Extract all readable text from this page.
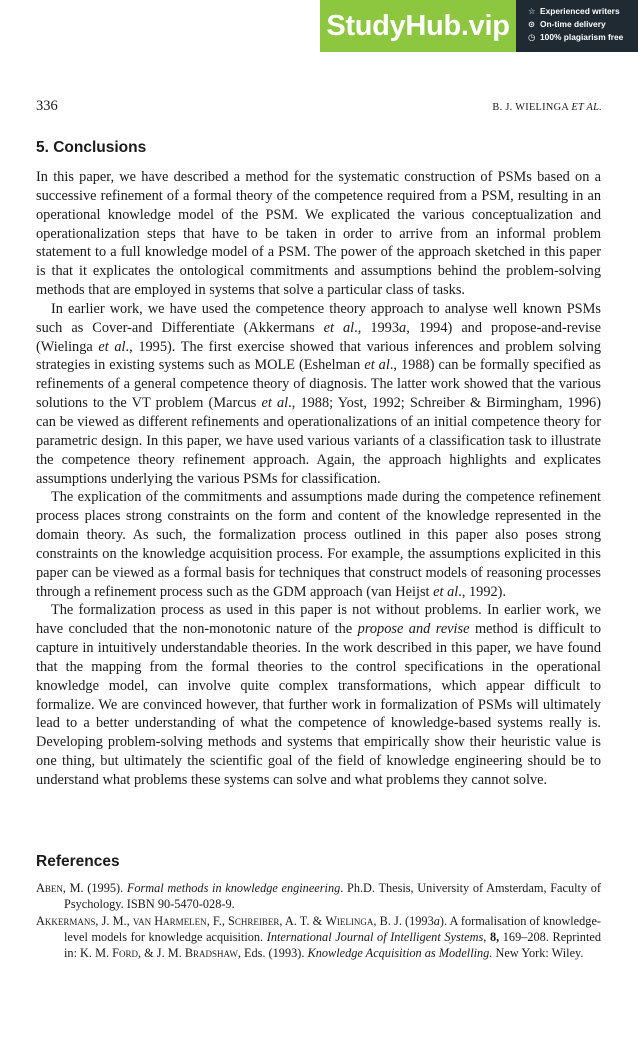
StudyHub.vip	☆ Experienced writers
⊙ On-time delivery
◷ 100% plagiarism free
336	B. J. WIELINGA ET AL.
5. Conclusions

In this paper, we have described a method for the systematic construction of PSMs based on a successive refinement of a formal theory of the competence required from a PSM, resulting in an operational knowledge model of the PSM. We explicated the various conceptualization and operationalization steps that have to be taken in order to arrive from an informal problem statement to a full knowledge model of a PSM. The power of the approach sketched in this paper is that it explicates the ontological commitments and assumptions behind the problem-solving methods that are employed in systems that solve a particular class of tasks.

In earlier work, we have used the competence theory approach to analyse well known PSMs such as Cover-and Differentiate (Akkermans et al., 1993a, 1994) and propose-and-revise (Wielinga et al., 1995). The first exercise showed that various inferences and problem solving strategies in existing systems such as MOLE (Eshelman et al., 1988) can be formally specified as refinements of a general competence theory of diagnosis. The latter work showed that the various solutions to the VT problem (Marcus et al., 1988; Yost, 1992; Schreiber & Birmingham, 1996) can be viewed as different refinements and operationalizations of an initial competence theory for parametric design. In this paper, we have used various variants of a classification task to illustrate the competence theory refinement approach. Again, the approach highlights and explicates assumptions underlying the various PSMs for classification.

The explication of the commitments and assumptions made during the competence refinement process places strong constraints on the form and content of the knowledge represented in the domain theory. As such, the formalization process outlined in this paper also poses strong constraints on the knowledge acquisition process. For example, the assumptions explicited in this paper can be viewed as a formal basis for techniques that construct models of reasoning processes through a refinement process such as the GDM approach (van Heijst et al., 1992).

The formalization process as used in this paper is not without problems. In earlier work, we have concluded that the non-monotonic nature of the propose and revise method is difficult to capture in intuitively understandable theories. In the work described in this paper, we have found that the mapping from the formal theories to the control specifications in the operational knowledge model, can involve quite complex transformations, which appear difficult to formalize. We are convinced however, that further work in formalization of PSMs will ultimately lead to a better understanding of what the competence of knowledge-based systems really is. Developing problem-solving methods and systems that empirically show their heuristic value is one thing, but ultimately the scientific goal of the field of knowledge engineering should be to understand what problems these systems can solve and what problems they cannot solve.

References

Aben, M. (1995). Formal methods in knowledge engineering. Ph.D. Thesis, University of Amsterdam, Faculty of Psychology. ISBN 90-5470-028-9.

Akkermans, J. M., van Harmelen, F., Schreiber, A. T. & Wielinga, B. J. (1993a). A formalisation of knowledge-level models for knowledge acquisition. International Journal of Intelligent Systems, 8, 169–208. Reprinted in: K. M. Ford, & J. M. Bradshaw, Eds. (1993). Knowledge Acquisition as Modelling. New York: Wiley.
